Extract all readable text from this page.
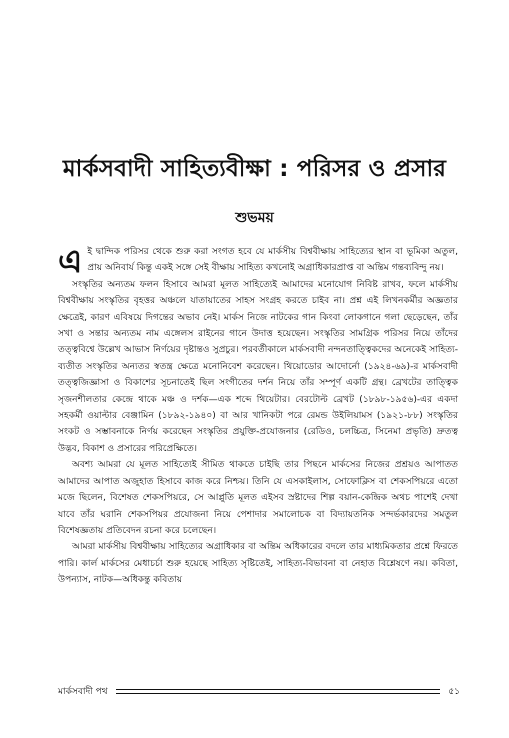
মার্কসবাদী সাহিত্যবীক্ষা : পরিসর ও প্রসার
শুভময়

এই দ্বান্দিক পরিসর থেকে শুরু করা সংগত হবে যে মার্কসীয় বিশ্ববীক্ষায় সাহিত্যের স্থান বা ভূমিকা অতুল, প্রায় অনিবার্য কিন্তু একই সঙ্গে সেই বীক্ষায় সাহিত্য কখনোই অগ্রাধিকারপ্রাপ্ত বা অন্তিম গন্তব্যবিন্দু নয়।

সংস্কৃতির অন্যতম ফলন হিসাবে আমরা মূলত সাহিত্যেই আমাদের মনোযোগ নিবিষ্ট রাখব, ফলে মার্কসীয় বিশ্ববীক্ষায় সংস্কৃতির বৃহত্তর অঞ্চলে যাতায়াতের সাহস সংগ্রহ করতে চাইব না। প্রশ্ন এই লিখনকর্মীর অজ্ঞতার ক্ষেত্রেই, কারণ এবিষয়ে দিগন্তের অভাব নেই। মার্কস নিজে নাটকের গান কিংবা লোকগানে গলা ছেড়েছেন, তাঁর সখা ও সন্তার অন্যতম নাম এঙ্গেলস রাইনের গানে উদাত্ত হয়েছেন। সংস্কৃতির সামগ্রিক পরিসর নিয়ে তাঁদের তত্ত্ববিশ্বে উল্লেখ আভাস নির্ণয়ের দৃষ্টান্তও সুপ্রচুর। পরবর্তীকালে মার্কসবাদী নন্দনতাত্ত্বিকদের অনেকেই সাহিত্য-ব্যতীত সংস্কৃতির অন্যতর স্বতন্ত্র ক্ষেত্রে মনোনিবেশ করেছেন। থিয়োডোর আদোর্নো (১৯২৪-৬৯)-র মার্কসবাদী তত্ত্বজিজ্ঞাসা ও বিকাশের সূচনাতেই ছিল সংগীতের দর্শন নিয়ে তাঁর সম্পূর্ণ একটি গ্রন্থ। ব্রেখটের তাত্ত্বিক সৃজনশীলতার কেন্দ্রে থাকে মঞ্চ ও দর্শক—এক শব্দে থিয়েটার। বেরটোল্ট ব্রেখট (১৮৯৮-১৯৫৬)-এর একদা সহকর্মী ওয়াল্টার বেঞ্জামিন (১৮৯২-১৯৪০) বা আর খানিকটা পরে রেমন্ড উইলিয়ামস (১৯২১-৮৮) সংস্কৃতির সংকট ও সম্ভাবনাকে নির্ণয় করেছেন সংস্কৃতির প্রযুক্তি-প্রযোজনার (রেডিও, চলচ্চিত্র, সিনেমা প্রভৃতি) দ্রুতত্ব উদ্ভব, বিকাশ ও প্রসারের পরিপ্রেক্ষিতে।

অবশ্য আমরা যে মূলত সাহিত্যেই সীমিত থাকতে চাইছি তার পিছনে মার্কসের নিজের প্রশ্রয়ও আপাতত আমাদের আপাত অজুহাত হিসাবে কাজ করে নিশ্চয়। তিনি যে এসকাইলাস, সোফোক্লিস বা শেকসপিয়রে এতো মজে ছিলেন, বিশেষত শেকসপিয়রে, সে আপ্লুতি মূলত এইসব স্রষ্টাদের শিল্প বয়ান-কেন্দ্রিক অথচ পাশেই দেখা যাবে তাঁর ঘরানি শেকসপিয়র প্রযোজনা নিয়ে পেশাদার সমালোচক বা বিদ্যায়তনিক সন্দর্ভকারদের সমতুল বিশেষজ্ঞতায় প্রতিবেদন রচনা করে চলেছেন।

আমরা মার্কসীয় বিশ্ববীক্ষায় সাহিত্যের অগ্রাধিকার বা অন্তিম অধিকারের বদলে তার মাধ্যমিকতার প্রশ্নে ফিরতে পারি। কার্ল মার্কসের মেধাচর্চা শুরু হয়েছে সাহিত্য সৃষ্টিতেই, সাহিত্য-বিভাবনা বা নেহাত বিশ্লেষণে নয়। কবিতা, উপন্যাস, নাটক—অধিকন্তু কবিতায়

মার্কসবাদী পথ	৫১
